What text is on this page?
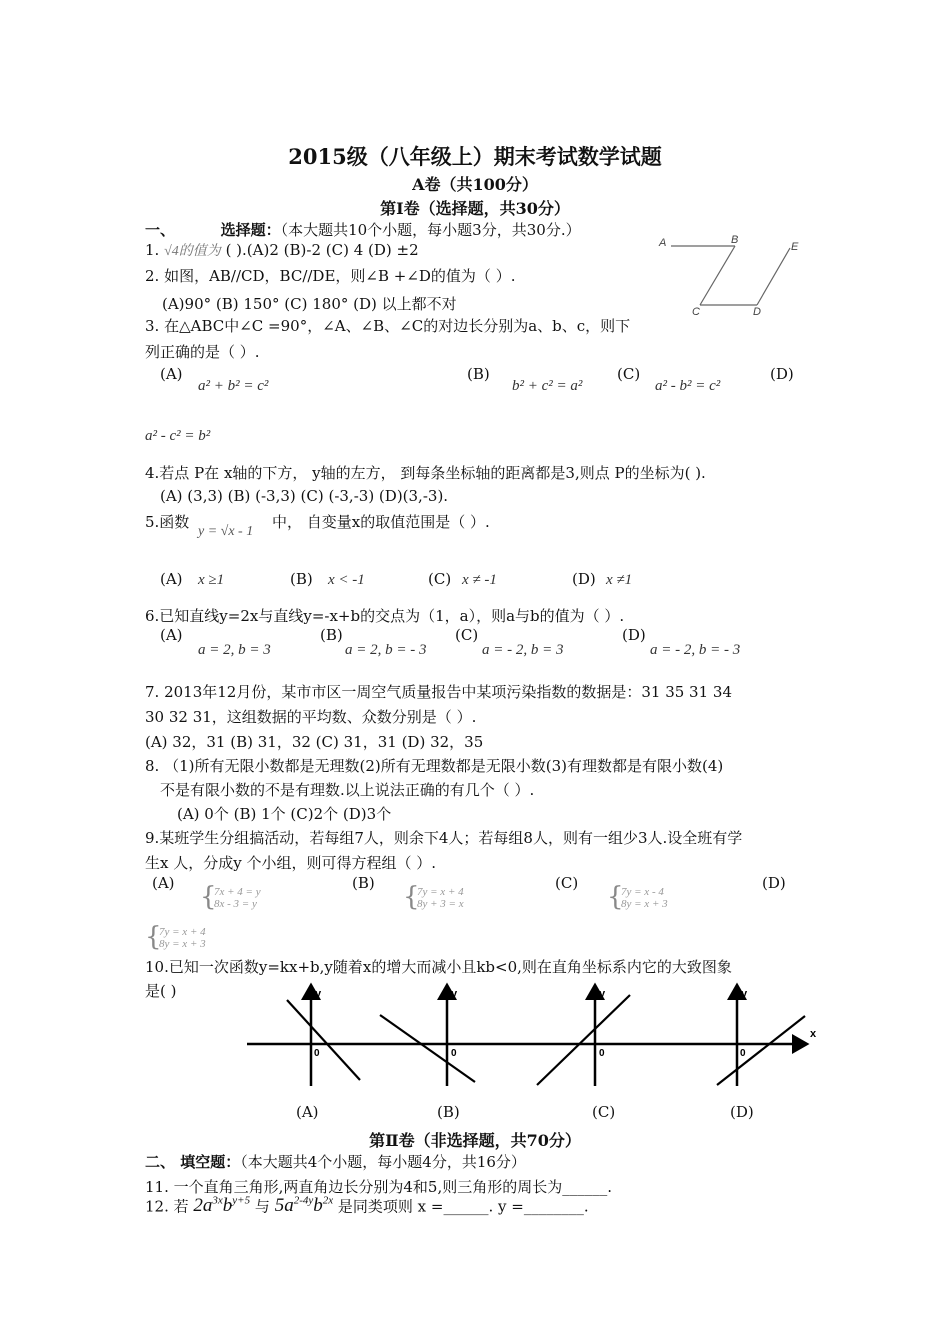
2015级（八年级上）期末考试数学试题
A卷（共100分）
第Ⅰ卷（选择题，共30分）
一、	选择题：（本大题共10个小题，每小题3分，共30分.）
1. √4的值为 ( ).(A)2 (B)-2 (C) 4 (D) ±2
2. 如图，AB//CD，BC//DE，则∠B +∠D的值为（ ）.
(A)90° (B) 150° (C) 180° (D) 以上都不对
A	B
E
C	D
3. 在△ABC中∠C =90°，∠A、∠B、∠C的对边长分别为a、b、c，则下
列正确的是（ ）.
(A)
a² + b² = c²
(B)
b² + c² = a²
(C)
a² - b² = c²
(D)
a² - c² = b²
4.若点 P在 x轴的下方， y轴的左方， 到每条坐标轴的距离都是3,则点 P的坐标为( ).
(A) (3,3) (B) (-3,3) (C) (-3,-3) (D)(3,-3).
5.函数
y = √x - 1
中， 自变量x的取值范围是（ ）.
(A) x ≥1	(B) x < -1	(C) x ≠ -1	(D) x ≠1
6.已知直线y=2x与直线y=-x+b的交点为（1，a），则a与b的值为（ ）.
(A)	(B)	(C)	(D)
a = 2, b = 3	a = 2, b = - 3	a = - 2, b = 3	a = - 2, b = - 3
7. 2013年12月份，某市市区一周空气质量报告中某项污染指数的数据是：31 35 31 34
30 32 31，这组数据的平均数、众数分别是（ ）.
(A) 32，31 (B) 31，32 (C) 31，31 (D) 32，35
8. （1)所有无限小数都是无理数(2)所有无理数都是无限小数(3)有理数都是有限小数(4)
不是有限小数的不是有理数.以上说法正确的有几个（ ）.
(A) 0个 (B) 1个 (C)2个 (D)3个
9.某班学生分组搞活动，若每组7人，则余下4人；若每组8人，则有一组少3人.设全班有学
生x 人，分成y 个小组，则可得方程组（ ）.
(A)	(B)	(C)	(D)
{
7x + 4 = y
8x - 3 = y	{
7y = x + 4
8y + 3 = x	{
7y = x - 4
8y = x + 3
{
7y = x + 4
8y = x + 3
10.已知一次函数y=kx+b,y随着x的增大而减小且kb<0,则在直角坐标系内它的大致图象
是( )	y
0
y
0
y
0
y
0
x
(A)	(B)	(C)	(D)
第Ⅱ卷（非选择题，共70分）
二、 填空题：（本大题共4个小题，每小题4分，共16分）
11. 一个直角三角形,两直角边长分别为4和5,则三角形的周长为______.
12. 若 $2a^{3x}b^{y+5}$ 与 $5a^{2-4y}b^{2x}$ 是同类项则 x =______. y =________.
